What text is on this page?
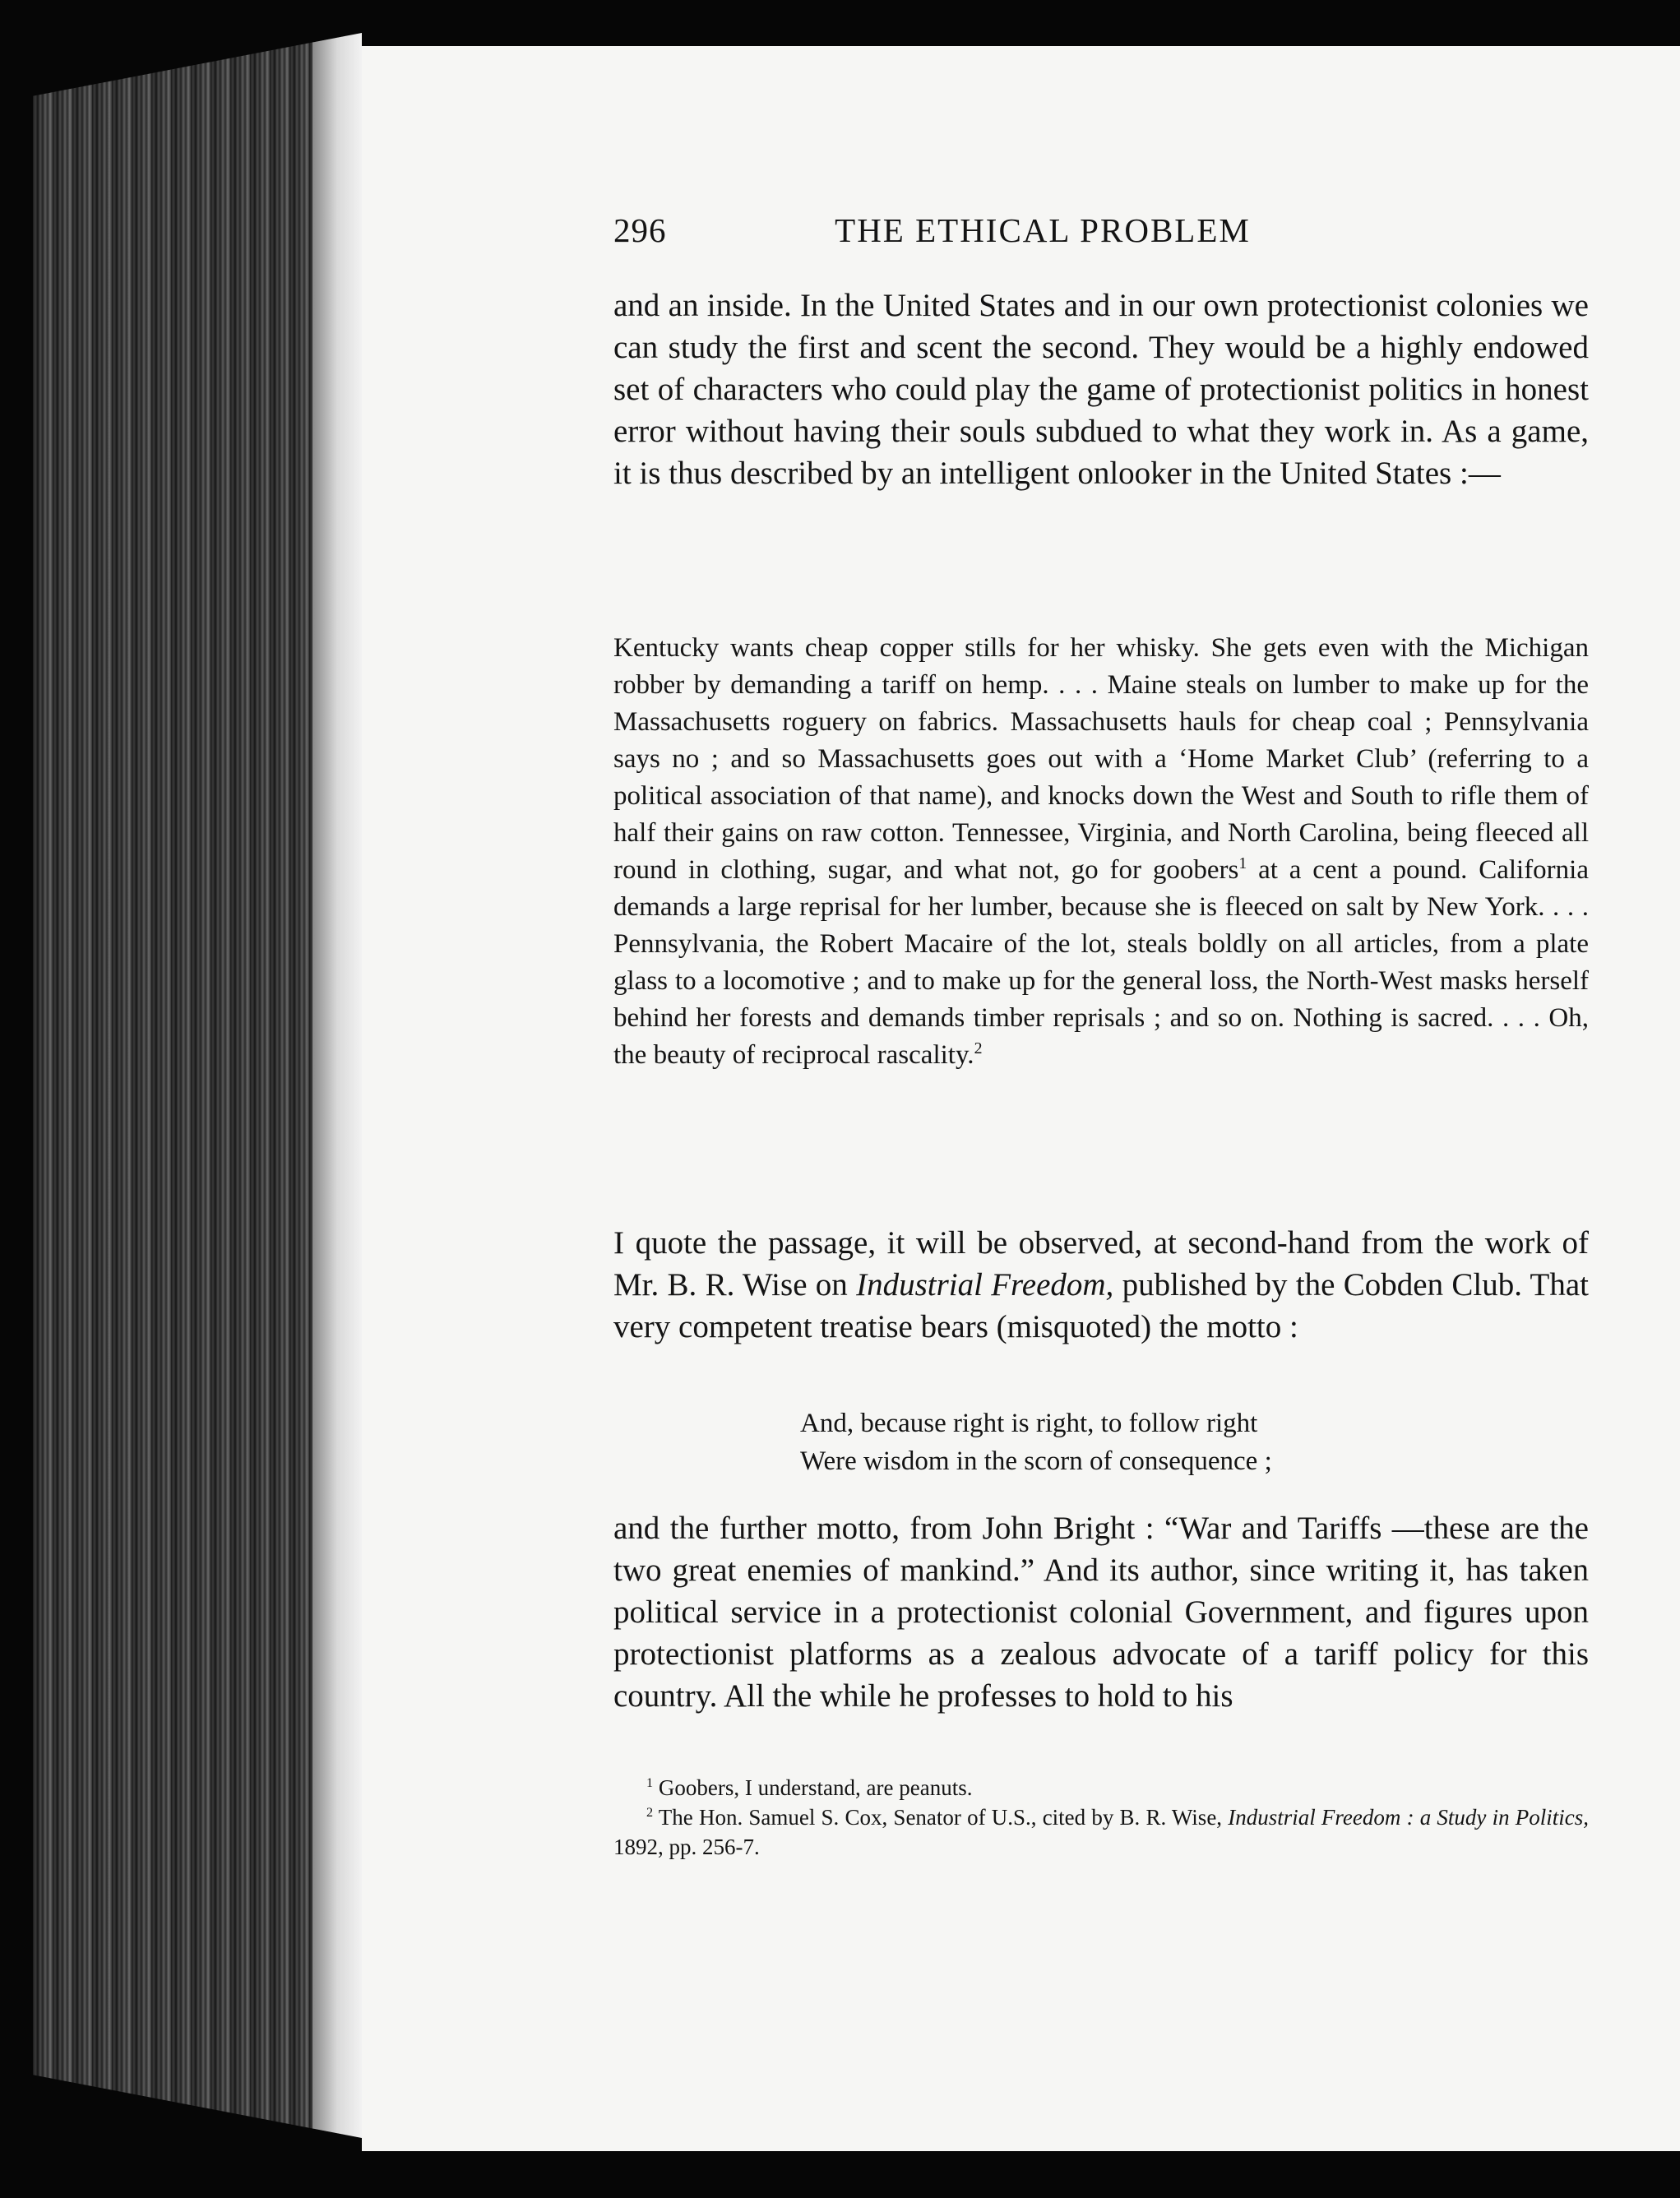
296	THE ETHICAL PROBLEM

and an inside. In the United States and in our own protectionist colonies we can study the first and scent the second. They would be a highly endowed set of characters who could play the game of protectionist politics in honest error without having their souls subdued to what they work in. As a game, it is thus described by an intelligent onlooker in the United States :—

Kentucky wants cheap copper stills for her whisky. She gets even with the Michigan robber by demanding a tariff on hemp. . . . Maine steals on lumber to make up for the Massachusetts roguery on fabrics. Massachusetts hauls for cheap coal ; Pennsylvania says no ; and so Massachusetts goes out with a ‘Home Market Club’ (referring to a political association of that name), and knocks down the West and South to rifle them of half their gains on raw cotton. Tennessee, Virginia, and North Carolina, being fleeced all round in clothing, sugar, and what not, go for goobers$^1$ at a cent a pound. California demands a large reprisal for her lumber, because she is fleeced on salt by New York. . . . Pennsylvania, the Robert Macaire of the lot, steals boldly on all articles, from a plate glass to a locomotive ; and to make up for the general loss, the North-West masks herself behind her forests and demands timber reprisals ; and so on. Nothing is sacred. . . . Oh, the beauty of reciprocal rascality.$^2$

I quote the passage, it will be observed, at second-hand from the work of Mr. B. R. Wise on Industrial Freedom, published by the Cobden Club. That very competent treatise bears (misquoted) the motto :

And, because right is right, to follow right
Were wisdom in the scorn of consequence ;

and the further motto, from John Bright : “War and Tariffs —these are the two great enemies of mankind.” And its author, since writing it, has taken political service in a protectionist colonial Government, and figures upon protectionist platforms as a zealous advocate of a tariff policy for this country. All the while he professes to hold to his

$^1$ Goobers, I understand, are peanuts.

$^2$ The Hon. Samuel S. Cox, Senator of U.S., cited by B. R. Wise, Industrial Freedom : a Study in Politics, 1892, pp. 256-7.
